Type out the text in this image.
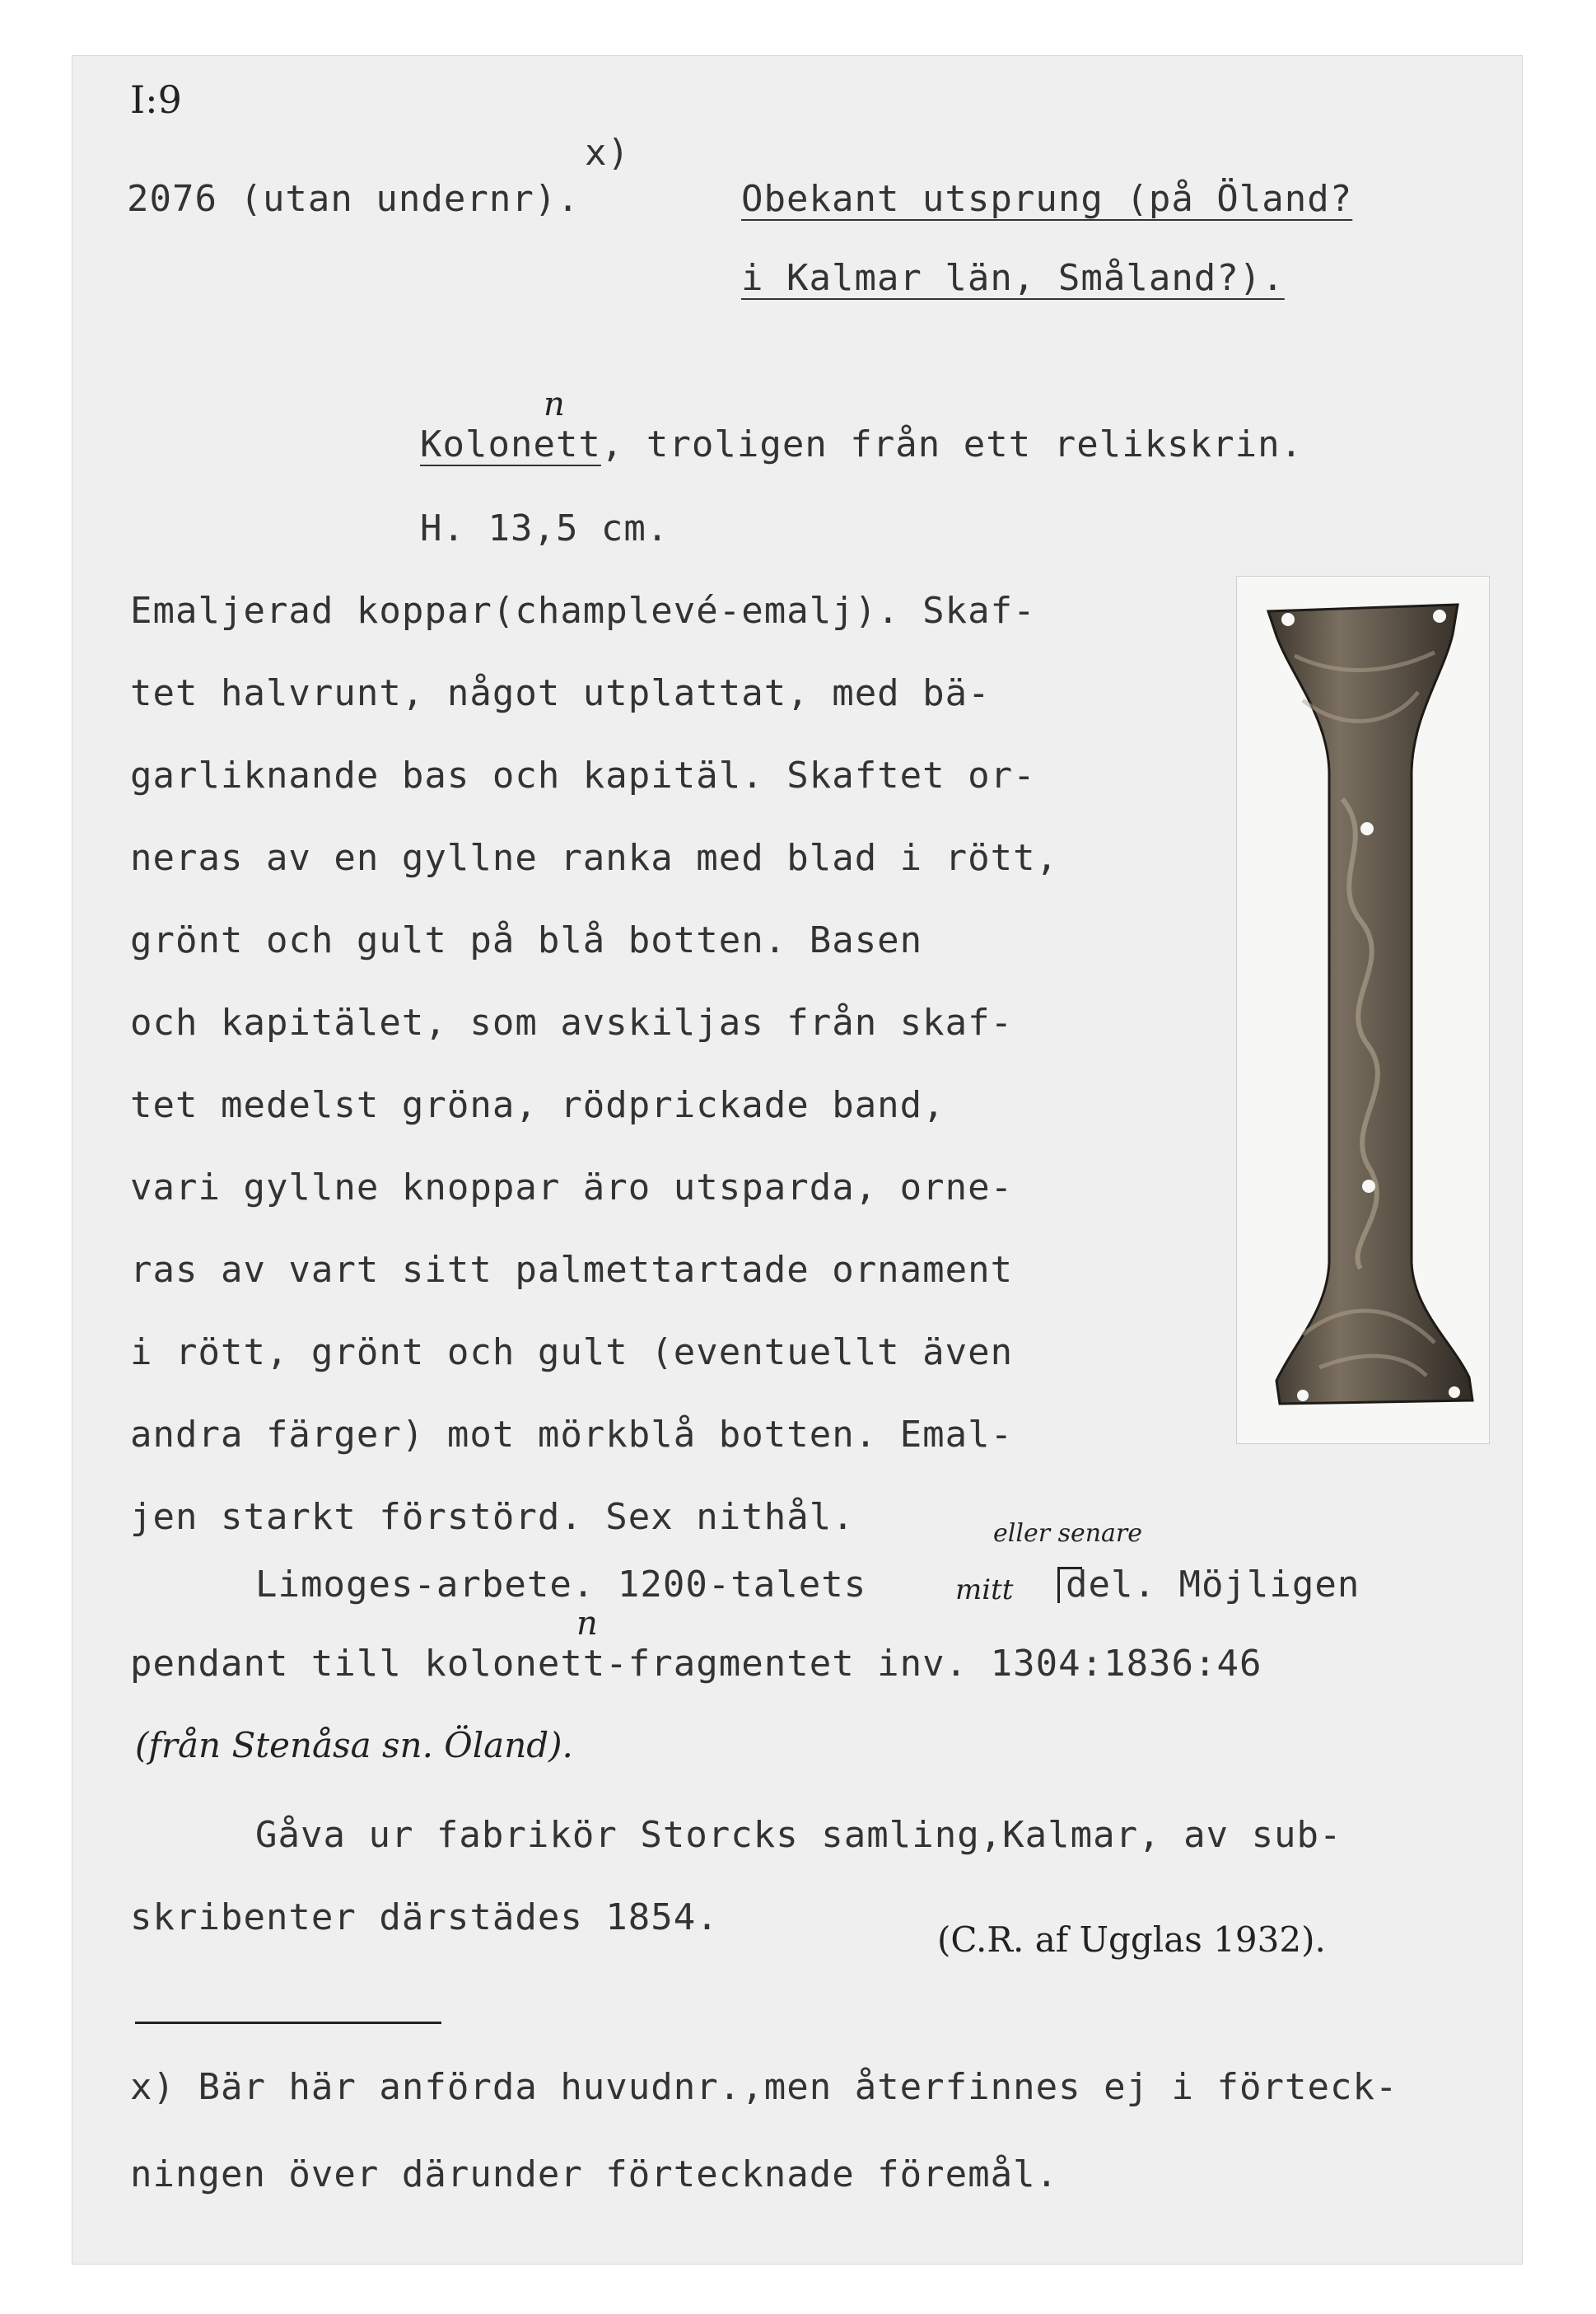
I:9
x)
2076 (utan undernr).	Obekant utsprung (på Öland?
i Kalmar län, Småland?).
n
Kolonett, troligen från ett relikskrin.
H. 13,5 cm.
Emaljerad koppar(champlevé-emalj). Skaf-
tet halvrunt, något utplattat, med bä-
garliknande bas och kapitäl. Skaftet or-
neras av en gyllne ranka med blad i rött,
grönt och gult på blå botten. Basen
och kapitälet, som avskiljas från skaf-
tet medelst gröna, rödprickade band,
vari gyllne knoppar äro utsparda, orne-
ras av vart sitt palmettartade ornament
i rött, grönt och gult (eventuellt även
andra färger) mot mörkblå botten. Emal-
jen starkt förstörd. Sex nithål.	eller senare
Limoges-arbete. 1200-talets	mitt del. Möjligen
n
pendant till kolonett-fragmentet inv. 1304:1836:46
(från Stenåsa sn. Öland).
Gåva ur fabrikör Storcks samling,Kalmar, av sub-
skribenter därstädes 1854.
(C.R. af Ugglas 1932).
x) Bär här anförda huvudnr.,men återfinnes ej i förteck-
ningen över därunder förtecknade föremål.
